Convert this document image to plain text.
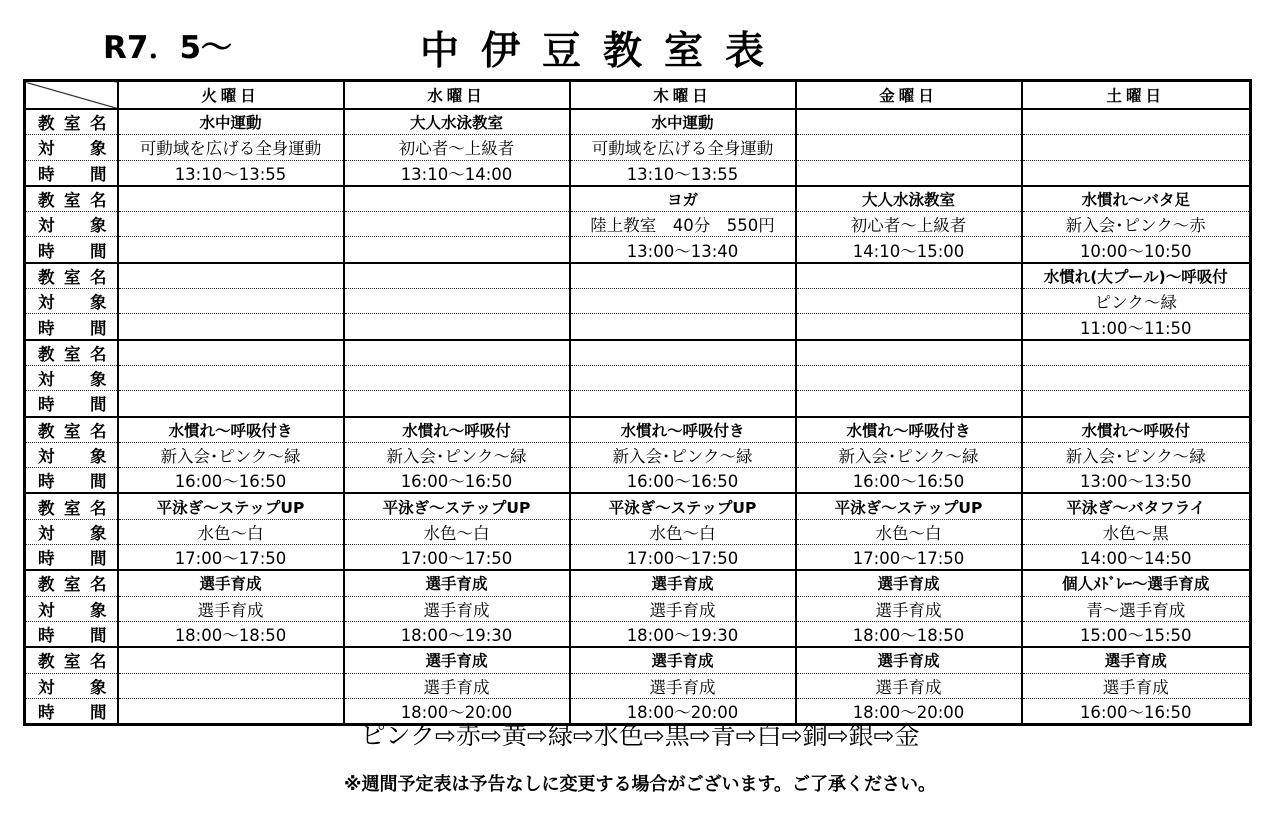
R7．5～	中伊豆教室表
	火曜日	水曜日	木曜日	金曜日	土曜日
教室名	水中運動	大人水泳教室	水中運動		
対象	可動域を広げる全身運動	初心者～上級者	可動域を広げる全身運動		
時間	13:10～13:55	13:10～14:00	13:10～13:55		
教室名			ヨガ	大人水泳教室	水慣れ～バタ足
対象			陸上教室　40分　550円	初心者～上級者	新入会･ピンク～赤
時間			13:00～13:40	14:10～15:00	10:00～10:50
教室名					水慣れ(大プール)～呼吸付
対象					ピンク～緑
時間					11:00～11:50
教室名					
対象					
時間					
教室名	水慣れ～呼吸付き	水慣れ～呼吸付	水慣れ～呼吸付き	水慣れ～呼吸付き	水慣れ～呼吸付
対象	新入会･ピンク～緑	新入会･ピンク～緑	新入会･ピンク～緑	新入会･ピンク～緑	新入会･ピンク～緑
時間	16:00～16:50	16:00～16:50	16:00～16:50	16:00～16:50	13:00～13:50
教室名	平泳ぎ～ステップUP	平泳ぎ～ステップUP	平泳ぎ～ステップUP	平泳ぎ～ステップUP	平泳ぎ～バタフライ
対象	水色～白	水色～白	水色～白	水色～白	水色～黒
時間	17:00～17:50	17:00～17:50	17:00～17:50	17:00～17:50	14:00～14:50
教室名	選手育成	選手育成	選手育成	選手育成	個人ﾒﾄﾞﾚｰ～選手育成
対象	選手育成	選手育成	選手育成	選手育成	青～選手育成
時間	18:00～18:50	18:00～19:30	18:00～19:30	18:00～18:50	15:00～15:50
教室名		選手育成	選手育成	選手育成	選手育成
対象		選手育成	選手育成	選手育成	選手育成
時間		18:00～20:00	18:00～20:00	18:00～20:00	16:00～16:50
ピンク⇨赤⇨黄⇨緑⇨水色⇨黒⇨青⇨白⇨銅⇨銀⇨金
※週間予定表は予告なしに変更する場合がございます。ご了承ください。
